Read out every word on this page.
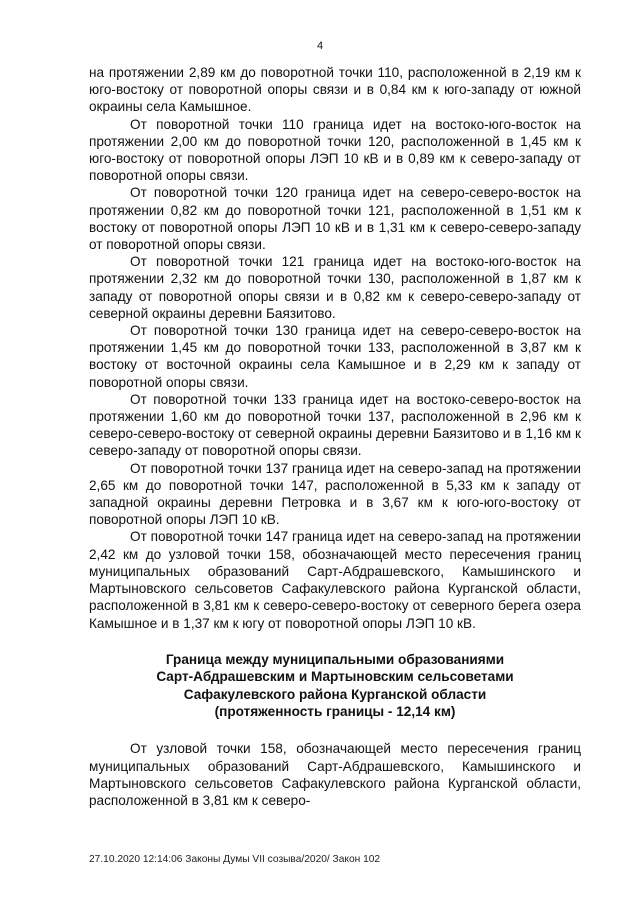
4

на протяжении 2,89 км до поворотной точки 110, расположенной в 2,19 км к юго-востоку от поворотной опоры связи и в 0,84 км к юго-западу от южной окраины села Камышное.

От поворотной точки 110 граница идет на востоко-юго-восток на протяжении 2,00 км до поворотной точки 120, расположенной в 1,45 км к юго-востоку от поворотной опоры ЛЭП 10 кВ и в 0,89 км к северо-западу от поворотной опоры связи.

От поворотной точки 120 граница идет на северо-северо-восток на протяжении 0,82 км до поворотной точки 121, расположенной в 1,51 км к востоку от поворотной опоры ЛЭП 10 кВ и в 1,31 км к северо-северо-западу от поворотной опоры связи.

От поворотной точки 121 граница идет на востоко-юго-восток на протяжении 2,32 км до поворотной точки 130, расположенной в 1,87 км к западу от поворотной опоры связи и в 0,82 км к северо-северо-западу от северной окраины деревни Баязитово.

От поворотной точки 130 граница идет на северо-северо-восток на протяжении 1,45 км до поворотной точки 133, расположенной в 3,87 км к востоку от восточной окраины села Камышное и в 2,29 км к западу от поворотной опоры связи.

От поворотной точки 133 граница идет на востоко-северо-восток на протяжении 1,60 км до поворотной точки 137, расположенной в 2,96 км к северо-северо-востоку от северной окраины деревни Баязитово и в 1,16 км к северо-западу от поворотной опоры связи.

От поворотной точки 137 граница идет на северо-запад на протяжении 2,65 км до поворотной точки 147, расположенной в 5,33 км к западу от западной окраины деревни Петровка и в 3,67 км к юго-юго-востоку от поворотной опоры ЛЭП 10 кВ.

От поворотной точки 147 граница идет на северо-запад на протяжении 2,42 км до узловой точки 158, обозначающей место пересечения границ муниципальных образований Сарт-Абдрашевского, Камышинского и Мартыновского сельсоветов Сафакулевского района Курганской области, расположенной в 3,81 км к северо-северо-востоку от северного берега озера Камышное и в 1,37 км к югу от поворотной опоры ЛЭП 10 кВ.

Граница между муниципальными образованиями
Сарт-Абдрашевским и Мартыновским сельсоветами
Сафакулевского района Курганской области
(протяженность границы - 12,14 км)

От узловой точки 158, обозначающей место пересечения границ муниципальных образований Сарт-Абдрашевского, Камышинского и Мартыновского сельсоветов Сафакулевского района Курганской области, расположенной в 3,81 км к северо-

27.10.2020 12:14:06 Законы Думы VII созыва/2020/ Закон 102
